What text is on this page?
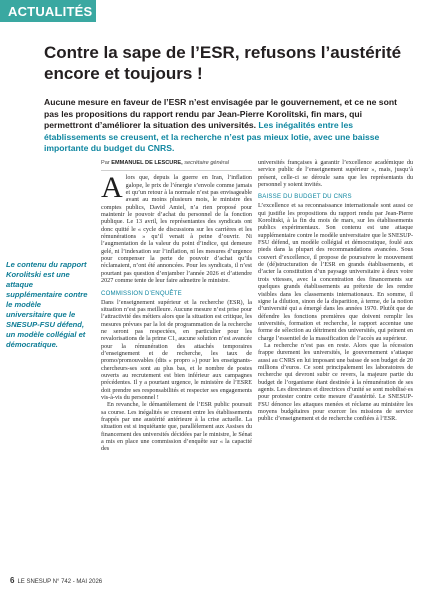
ACTUALITÉS
Contre la sape de l’ESR, refusons l’austérité encore et toujours !
Aucune mesure en faveur de l’ESR n’est envisagée par le gouvernement, et ce ne sont pas les propositions du rapport rendu par Jean-Pierre Korolitski, fin mars, qui permettront d’améliorer la situation des universités. Les inégalités entre les établissements se creusent, et la recherche n’est pas mieux lotie, avec une baisse importante du budget du CNRS.
Le contenu du rapport Korolitski est une attaque supplémentaire contre le modèle universitaire que le SNESUP-FSU défend, un modèle collégial et démocratique.
Par EMMANUEL DE LESCURE, secrétaire général

Alors que, depuis la guerre en Iran, l’inflation galope, le prix de l’énergie s’envole comme jamais et qu’un retour à la normale n’est pas envisageable avant au moins plusieurs mois, le ministre des comptes publics, David Amiel, n’a rien proposé pour maintenir le pouvoir d’achat du personnel de la fonction publique. Le 13 avril, les représentantes des syndicats ont donc quitté le « cycle de discussions sur les carrières et les rémunérations » qu’il venait à peine d’ouvrir. Ni l’augmentation de la valeur du point d’indice, qui demeure gelé, ni l’indexation sur l’inflation, ni les mesures d’urgence pour compenser la perte de pouvoir d’achat qu’ils réclamaient, n’ont été annoncées. Pour les syndicats, il n’est pourtant pas question d’enjamber l’année 2026 et d’attendre 2027 comme tente de leur faire admettre le ministre.

COMMISSION D’ENQUÊTE

Dans l’enseignement supérieur et la recherche (ESR), la situation n’est pas meilleure. Aucune mesure n’est prise pour l’attractivité des métiers alors que la situation est critique, les mesures prévues par la loi de programmation de la recherche ne seront pas respectées, en particulier pour les revalorisations de la prime C1, aucune solution n’est avancée pour la rémunération des attachés temporaires d’enseignement et de recherche, les taux de promo/promouvables (dits « propro ») pour les enseignants-chercheurs-ses sont au plus bas, et le nombre de postes ouverts au recrutement est bien inférieur aux campagnes précédentes. Il y a pourtant urgence, le ministère de l’ESRE doit prendre ses responsabilités et respecter ses engagements vis-à-vis du personnel !

En revanche, le démantèlement de l’ESR public poursuit sa course. Les inégalités se creusent entre les établissements frappés par une austérité antérieure à la crise actuelle. La situation est si inquiétante que, parallèlement aux Assises du financement des universités décidées par le ministre, le Sénat a mis en place une commission d’enquête sur « la capacité des

universités françaises à garantir l’excellence académique du service public de l’enseignement supérieur », mais, jusqu’à présent, celle-ci se déroule sans que les représentants du personnel y soient invités.

BAISSE DU BUDGET DU CNRS

L’excellence et sa reconnaissance internationale sont aussi ce qui justifie les propositions du rapport rendu par Jean-Pierre Korolitski, à la fin du mois de mars, sur les établissements publics expérimentaux. Son contenu est une attaque supplémentaire contre le modèle universitaire que le SNESUP-FSU défend, un modèle collégial et démocratique, foulé aux pieds dans la plupart des recommandations avancées. Sous couvert d’excellence, il propose de poursuivre le mouvement de (dé)structuration de l’ESR en grands établissements, et d’acter la constitution d’un paysage universitaire à deux voire trois vitesses, avec la concentration des financements sur quelques grands établissements au prétexte de les rendre visibles dans les classements internationaux. En somme, il signe la dilution, sinon de la disparition, à terme, de la notion d’université qui a émergé dans les années 1970. Plutôt que de défendre les fonctions premières que doivent remplir les universités, formation et recherche, le rapport accentue une forme de sélection au détriment des universités, qui peinent en charge l’essentiel de la massification de l’accès au supérieur.

La recherche n’est pas en reste. Alors que la récession frappe durement les universités, le gouvernement s’attaque aussi au CNRS en lui imposant une baisse de son budget de 20 millions d’euros. Ce sont principalement les laboratoires de recherche qui devront subir ce revers, la majeure partie du budget de l’organisme étant destinée à la rémunération de ses agents. Les directeurs et directrices d’unité se sont mobilisé·es pour protester contre cette mesure d’austérité. Le SNESUP-FSU dénonce les attaques menées et réclame au ministère les moyens budgétaires pour exercer les missions de service public d’enseignement et de recherche confiées à l’ESR.

6 LE SNESUP N° 742 - MAI 2026
